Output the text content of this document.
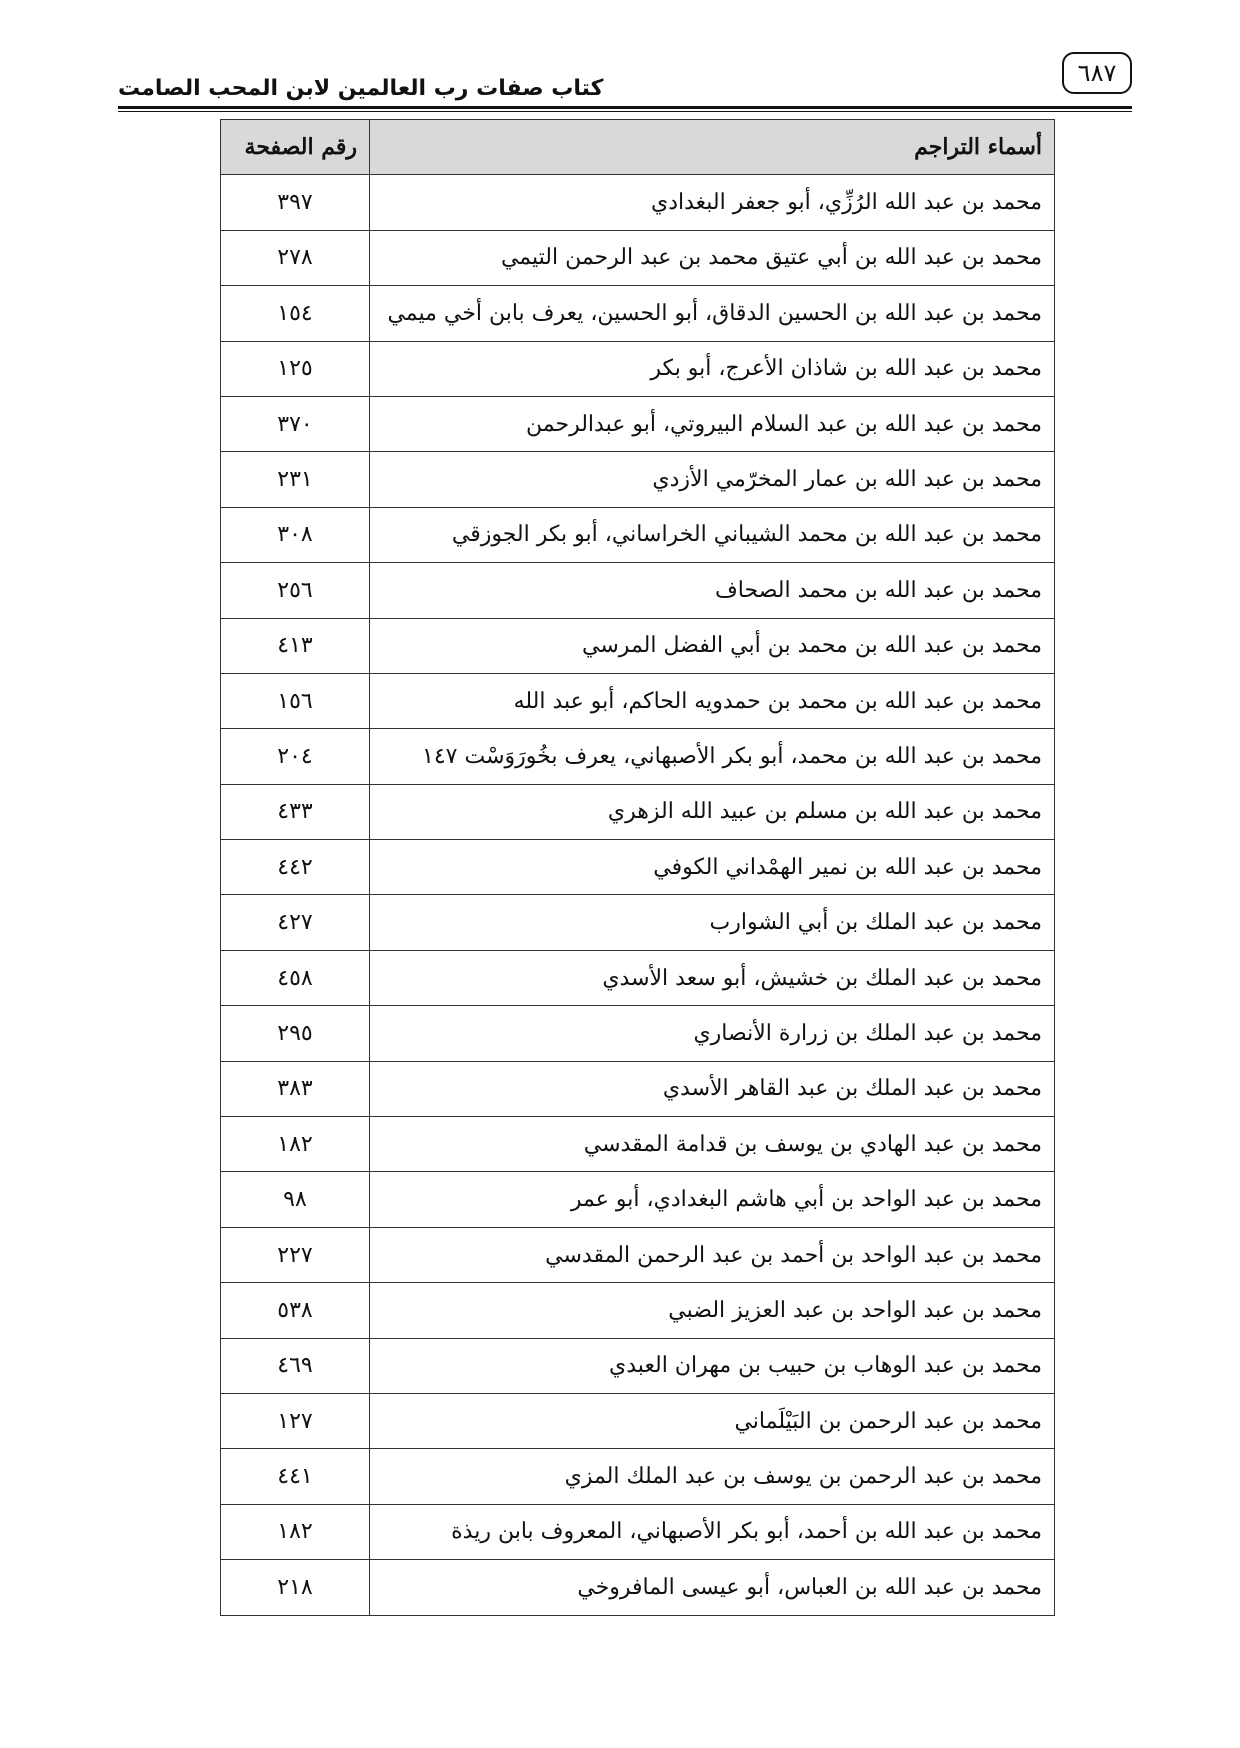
كتاب صفات رب العالمين لابن المحب الصامت
٦٨٧
أسماء التراجم	رقم الصفحة
محمد بن عبد الله الرُزِّي، أبو جعفر البغدادي	٣٩٧
محمد بن عبد الله بن أبي عتيق محمد بن عبد الرحمن التيمي	٢٧٨
محمد بن عبد الله بن الحسين الدقاق، أبو الحسين، يعرف بابن أخي ميمي	١٥٤
محمد بن عبد الله بن شاذان الأعرج، أبو بكر	١٢٥
محمد بن عبد الله بن عبد السلام البيروتي، أبو عبدالرحمن	٣٧٠
محمد بن عبد الله بن عمار المخرّمي الأزدي	٢٣١
محمد بن عبد الله بن محمد الشيباني الخراساني، أبو بكر الجوزقي	٣٠٨
محمد بن عبد الله بن محمد الصحاف	٢٥٦
محمد بن عبد الله بن محمد بن أبي الفضل المرسي	٤١٣
محمد بن عبد الله بن محمد بن حمدويه الحاكم، أبو عبد الله	١٥٦
محمد بن عبد الله بن محمد، أبو بكر الأصبهاني، يعرف بخُورَوَسْت ١٤٧	٢٠٤
محمد بن عبد الله بن مسلم بن عبيد الله الزهري	٤٣٣
محمد بن عبد الله بن نمير الهمْداني الكوفي	٤٤٢
محمد بن عبد الملك بن أبي الشوارب	٤٢٧
محمد بن عبد الملك بن خشيش، أبو سعد الأسدي	٤٥٨
محمد بن عبد الملك بن زرارة الأنصاري	٢٩٥
محمد بن عبد الملك بن عبد القاهر الأسدي	٣٨٣
محمد بن عبد الهادي بن يوسف بن قدامة المقدسي	١٨٢
محمد بن عبد الواحد بن أبي هاشم البغدادي، أبو عمر	٩٨
محمد بن عبد الواحد بن أحمد بن عبد الرحمن المقدسي	٢٢٧
محمد بن عبد الواحد بن عبد العزيز الضبي	٥٣٨
محمد بن عبد الوهاب بن حبيب بن مهران العبدي	٤٦٩
محمد بن عبد الرحمن بن البَيْلَماني	١٢٧
محمد بن عبد الرحمن بن يوسف بن عبد الملك المزي	٤٤١
محمد بن عبد الله بن أحمد، أبو بكر الأصبهاني، المعروف بابن ريذة	١٨٢
محمد بن عبد الله بن العباس، أبو عيسى المافروخي	٢١٨
